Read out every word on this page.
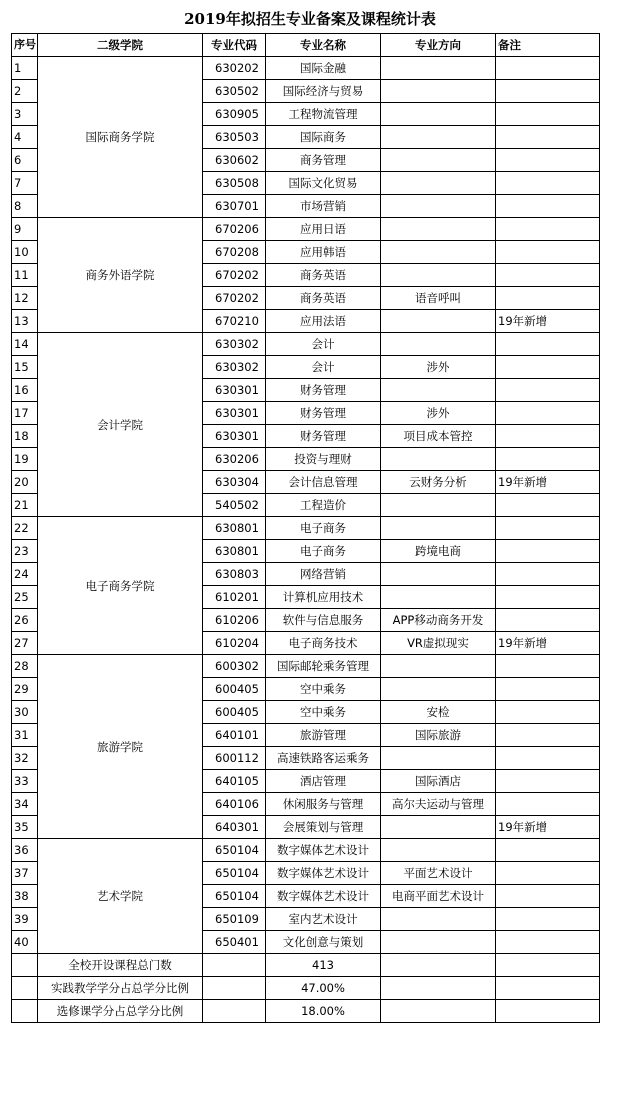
2019年拟招生专业备案及课程统计表
序号	二级学院	专业代码	专业名称	专业方向	备注
1	国际商务学院	630202	国际金融		
2		630502	国际经济与贸易		
3		630905	工程物流管理		
4		630503	国际商务		
6		630602	商务管理		
7		630508	国际文化贸易		
8		630701	市场营销		
9	商务外语学院	670206	应用日语		
10		670208	应用韩语		
11		670202	商务英语		
12		670202	商务英语	语音呼叫	
13		670210	应用法语		19年新增
14	会计学院	630302	会计		
15		630302	会计	涉外	
16		630301	财务管理		
17		630301	财务管理	涉外	
18		630301	财务管理	项目成本管控	
19		630206	投资与理财		
20		630304	会计信息管理	云财务分析	19年新增
21		540502	工程造价		
22	电子商务学院	630801	电子商务		
23		630801	电子商务	跨境电商	
24		630803	网络营销		
25		610201	计算机应用技术		
26		610206	软件与信息服务	APP移动商务开发	
27		610204	电子商务技术	VR虚拟现实	19年新增
28	旅游学院	600302	国际邮轮乘务管理		
29		600405	空中乘务		
30		600405	空中乘务	安检	
31		640101	旅游管理	国际旅游	
32		600112	高速铁路客运乘务		
33		640105	酒店管理	国际酒店	
34		640106	休闲服务与管理	高尔夫运动与管理	
35		640301	会展策划与管理		19年新增
36	艺术学院	650104	数字媒体艺术设计		
37		650104	数字媒体艺术设计	平面艺术设计	
38		650104	数字媒体艺术设计	电商平面艺术设计	
39		650109	室内艺术设计		
40		650401	文化创意与策划		
	全校开设课程总门数		413		
	实践教学学分占总学分比例		47.00%		
	选修课学分占总学分比例		18.00%		
